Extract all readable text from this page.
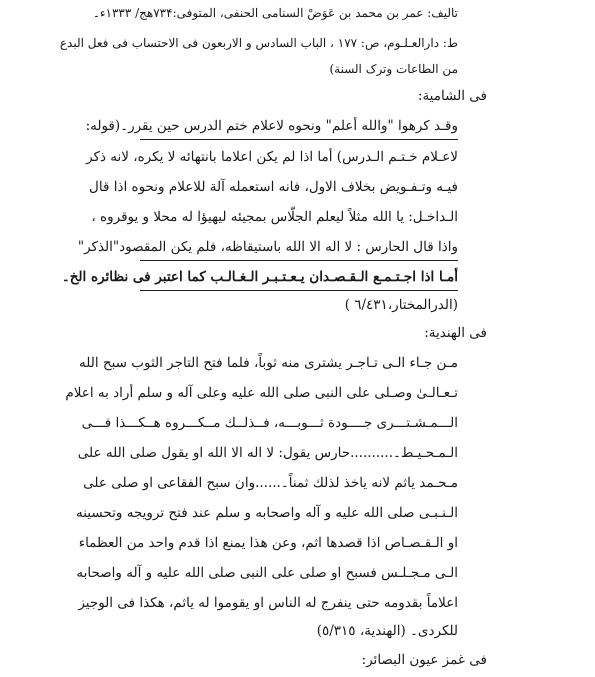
تالیف: عمر بن محمد بن عَوَضْ السنامی الحنفی، المتوفی:۷۳۴ھج/ ۱۳۳۳ء۔
ط: دارالعـلـوم، ص: ۱۷۷ ، الباب السادس و الاربعون فی الاحتساب فی فعل البدع
من الطاعات وترک السنة)
فی الشامیة:
وقـد کرهوا "والله أعلم" ونحوه لاعلام ختم الدرس حین یقرر۔(قوله:
لاعـلام خـتـم الـدرس) أما اذا لم یکن اعلاما بانتهائه لا یکره، لانه ذکر
فیـه وتـفـویض بخلاف الاول، فانه استعمله آلة للاعلام ونحوه اذا قال
الـداخـل: یا الله مثلاً لیعلم الجلّاس بمجیئه لیهیؤا له محلا و یوقروه ،
واذا قال الحارس : لا اله الا الله باستیقاظه، فلم یکن المقصود"الذکر"
أمـا اذا اجـتـمـع الـقـصـدان یـعـتـبـر الـغـالـب کما اعتبر فی نظائره الخ۔
(الدرالمختار،٦/٤٣١ )
فی الهندیة:
مـن جـاء الـی تـاجـر یشتری منه ثوباً، فلما فتح التاجر الثوب سبح الله
تـعـالـیٰ وصـلی علی النبی صلی الله علیه وعلی آله و سلم أراد به اعلام
الـــمـشـتـــری جــــودة ثـــوبـــه، فــذلــك مــکـــروه هــکـــذا فـــی
الـمـحـیـط۔..........حارس یقول: لا اله الا الله او یقول صلی الله علی
مـحـمد یاثم لانه یاخذ لذلك ثمناً۔......وان سبح الفقاعی او صلی علی
الـنـبـی صلی الله علیه و آله واصحابه و سلم عند فتح ترویجه وتحسینه
او الـقـصـاص اذا قصدها اثم، وعن هذا یمنع اذا قدم واحد من العظماء
الـی مـجـلـس فسبح او صلی علی النبی صلی الله علیه و آله واصحابه
اعلاماً بقدومه حتی ینفرج له الناس او یقوموا له یاثم، هکذا فی الوجیز
للکردی۔ (الهندیة، ٥/٣١٥)
فی غمز عیون البصائر:
